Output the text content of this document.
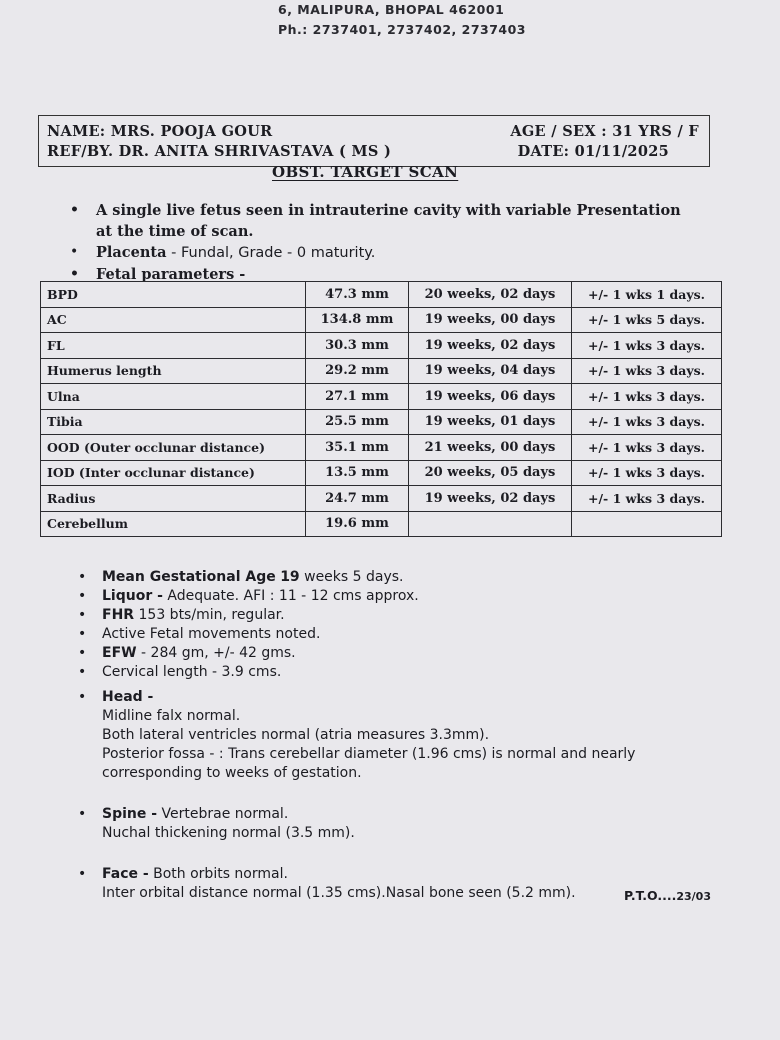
6, MALIPURA, BHOPAL 462001
Ph.: 2737401, 2737402, 2737403
NAME: MRS. POOJA GOUR	AGE / SEX : 31 YRS / F
REF/BY. DR. ANITA SHRIVASTAVA ( MS )	DATE: 01/11/2025
OBST. TARGET SCAN
• A single live fetus seen in intrauterine cavity with variable Presentation at the time of scan.
• Placenta - Fundal, Grade - 0 maturity.
• Fetal parameters -
BPD	47.3 mm	20 weeks, 02 days	+/- 1 wks 1 days.
AC	134.8 mm	19 weeks, 00 days	+/- 1 wks 5 days.
FL	30.3 mm	19 weeks, 02 days	+/- 1 wks 3 days.
Humerus length	29.2 mm	19 weeks, 04 days	+/- 1 wks 3 days.
Ulna	27.1 mm	19 weeks, 06 days	+/- 1 wks 3 days.
Tibia	25.5 mm	19 weeks, 01 days	+/- 1 wks 3 days.
OOD (Outer occlunar distance)	35.1 mm	21 weeks, 00 days	+/- 1 wks 3 days.
IOD (Inter occlunar distance)	13.5 mm	20 weeks, 05 days	+/- 1 wks 3 days.
Radius	24.7 mm	19 weeks, 02 days	+/- 1 wks 3 days.
Cerebellum	19.6 mm		
• Mean Gestational Age 19 weeks 5 days.
• Liquor - Adequate. AFI : 11 - 12 cms approx.
• FHR 153 bts/min, regular.
• Active Fetal movements noted.
• EFW - 284 gm, +/- 42 gms.
• Cervical length - 3.9 cms.
• Head -
Midline falx normal.
Both lateral ventricles normal (atria measures 3.3mm).
Posterior fossa - : Trans cerebellar diameter (1.96 cms) is normal and nearly corresponding to weeks of gestation.
• Spine - Vertebrae normal.
Nuchal thickening normal (3.5 mm).
• Face - Both orbits normal.
Inter orbital distance normal (1.35 cms).Nasal bone seen (5.2 mm).	P.T.O....23/03
